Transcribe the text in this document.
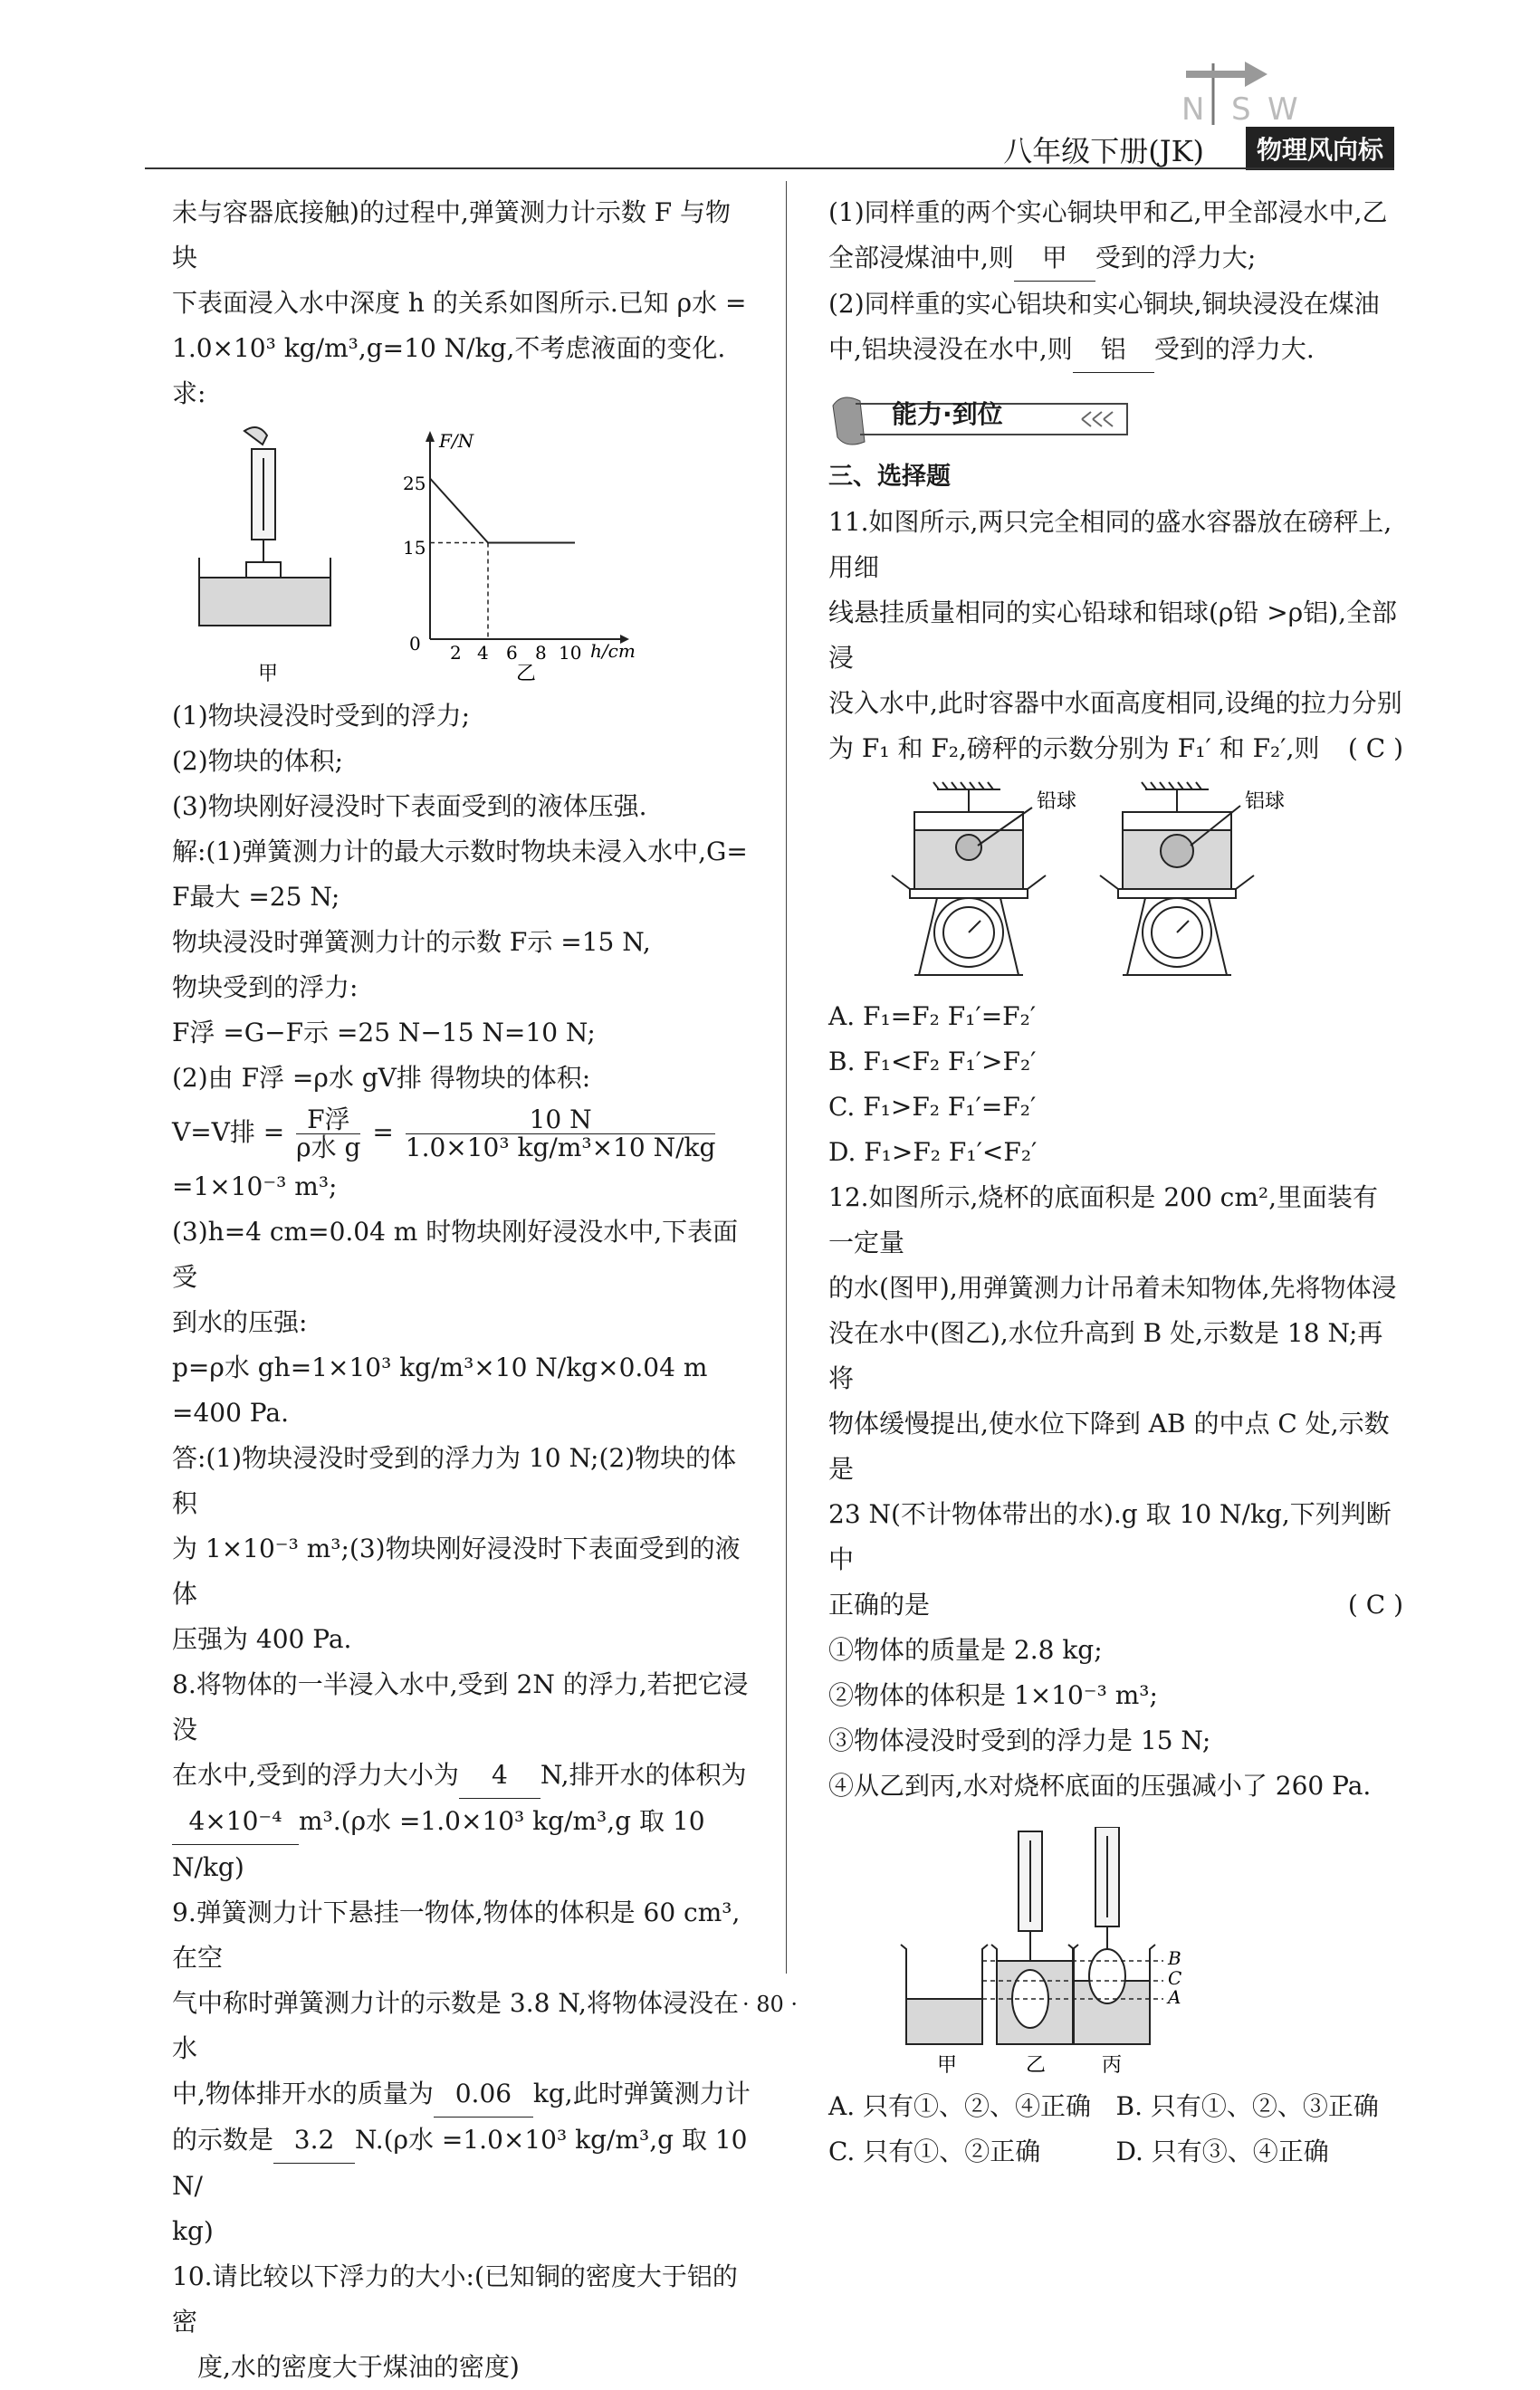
N S W
八年级下册(JK)	物理风向标

未与容器底接触)的过程中,弹簧测力计示数 F 与物块

下表面浸入水中深度 h 的关系如图所示.已知 ρ水 =

1.0×10³ kg/m³,g=10 N/kg,不考虑液面的变化.求:

甲
F/N
h/cm
0
25
15
2 4 6 8 10
乙

(1)物块浸没时受到的浮力;

(2)物块的体积;

(3)物块刚好浸没时下表面受到的液体压强.

解:(1)弹簧测力计的最大示数时物块未浸入水中,G=

F最大 =25 N;

物块浸没时弹簧测力计的示数 F示 =15 N,

物块受到的浮力:

F浮 =G−F示 =25 N−15 N=10 N;

(2)由 F浮 =ρ水 gV排 得物块的体积:

V=V排 = $\frac{\text{F浮}}{\text{ρ水 g}} = \frac{10 N}{\text{1.0×10³ kg/m³×10 N/kg}}$

=1×10⁻³ m³;

(3)h=4 cm=0.04 m 时物块刚好浸没水中,下表面受

到水的压强:

p=ρ水 gh=1×10³ kg/m³×10 N/kg×0.04 m

=400 Pa.

答:(1)物块浸没时受到的浮力为 10 N;(2)物块的体积

为 1×10⁻³ m³;(3)物块刚好浸没时下表面受到的液体

压强为 400 Pa.

8.将物体的一半浸入水中,受到 2N 的浮力,若把它浸没

在水中,受到的浮力大小为 4 N,排开水的体积为

4×10⁻⁴ m³.(ρ水 =1.0×10³ kg/m³,g 取 10 N/kg)

9.弹簧测力计下悬挂一物体,物体的体积是 60 cm³,在空

气中称时弹簧测力计的示数是 3.8 N,将物体浸没在水

中,物体排开水的质量为 0.06 kg,此时弹簧测力计

的示数是 3.2 N.(ρ水 =1.0×10³ kg/m³,g 取 10 N/

kg)

10.请比较以下浮力的大小:(已知铜的密度大于铝的密

度,水的密度大于煤油的密度)

(1)同样重的两个实心铜块甲和乙,甲全部浸水中,乙

全部浸煤油中,则 甲 受到的浮力大;

(2)同样重的实心铝块和实心铜块,铜块浸没在煤油

中,铝块浸没在水中,则 铝 受到的浮力大.

能力·到位

三、选择题

11.如图所示,两只完全相同的盛水容器放在磅秤上,用细

线悬挂质量相同的实心铅球和铝球(ρ铅 >ρ铝),全部浸

没入水中,此时容器中水面高度相同,设绳的拉力分别

为 F₁ 和 F₂,磅秤的示数分别为 F₁′ 和 F₂′,则 ( C )

铅球	铝球

A. F₁=F₂ F₁′=F₂′

B. F₁<F₂ F₁′>F₂′

C. F₁>F₂ F₁′=F₂′

D. F₁>F₂ F₁′<F₂′

12.如图所示,烧杯的底面积是 200 cm²,里面装有一定量

的水(图甲),用弹簧测力计吊着未知物体,先将物体浸

没在水中(图乙),水位升高到 B 处,示数是 18 N;再将

物体缓慢提出,使水位下降到 AB 的中点 C 处,示数是

23 N(不计物体带出的水).g 取 10 N/kg,下列判断中

正确的是	( C )

①物体的质量是 2.8 kg;

②物体的体积是 1×10⁻³ m³;

③物体浸没时受到的浮力是 15 N;

④从乙到丙,水对烧杯底面的压强减小了 260 Pa.

甲	乙	丙
B
C
A
A. 只有①、②、④正确 B. 只有①、②、③正确
C. 只有①、②正确	D. 只有③、④正确
· 80 ·
